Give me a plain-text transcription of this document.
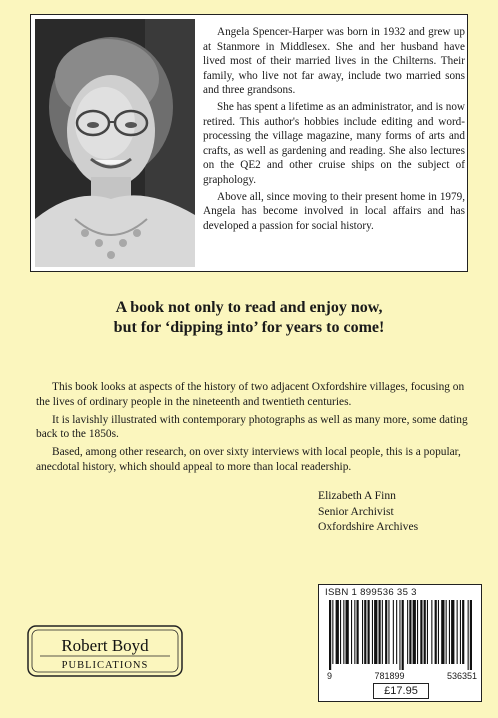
Angela Spencer-Harper was born in 1932 and grew up at Stanmore in Middlesex. She and her husband have lived most of their married lives in the Chilterns. Their family, who live not far away, include two married sons and three grandsons.

She has spent a lifetime as an administrator, and is now retired. This author's hobbies include editing and word-processing the village magazine, many forms of arts and crafts, as well as gardening and reading. She also lectures on the QE2 and other cruise ships on the subject of graphology.

Above all, since moving to their present home in 1979, Angela has become involved in local affairs and has developed a passion for social history.

A book not only to read and enjoy now,
but for ‘dipping into’ for years to come!

This book looks at aspects of the history of two adjacent Oxfordshire villages, focusing on the lives of ordinary people in the nineteenth and twentieth centuries.

It is lavishly illustrated with contemporary photographs as well as many more, some dating back to the 1850s.

Based, among other research, on over sixty interviews with local people, this is a popular, anecdotal history, which should appeal to more than local readership.

Elizabeth A Finn
Senior Archivist
Oxfordshire Archives
Robert Boyd
PUBLICATIONS
ISBN 1 899536 35 3
9	781899	536351
£17.95
